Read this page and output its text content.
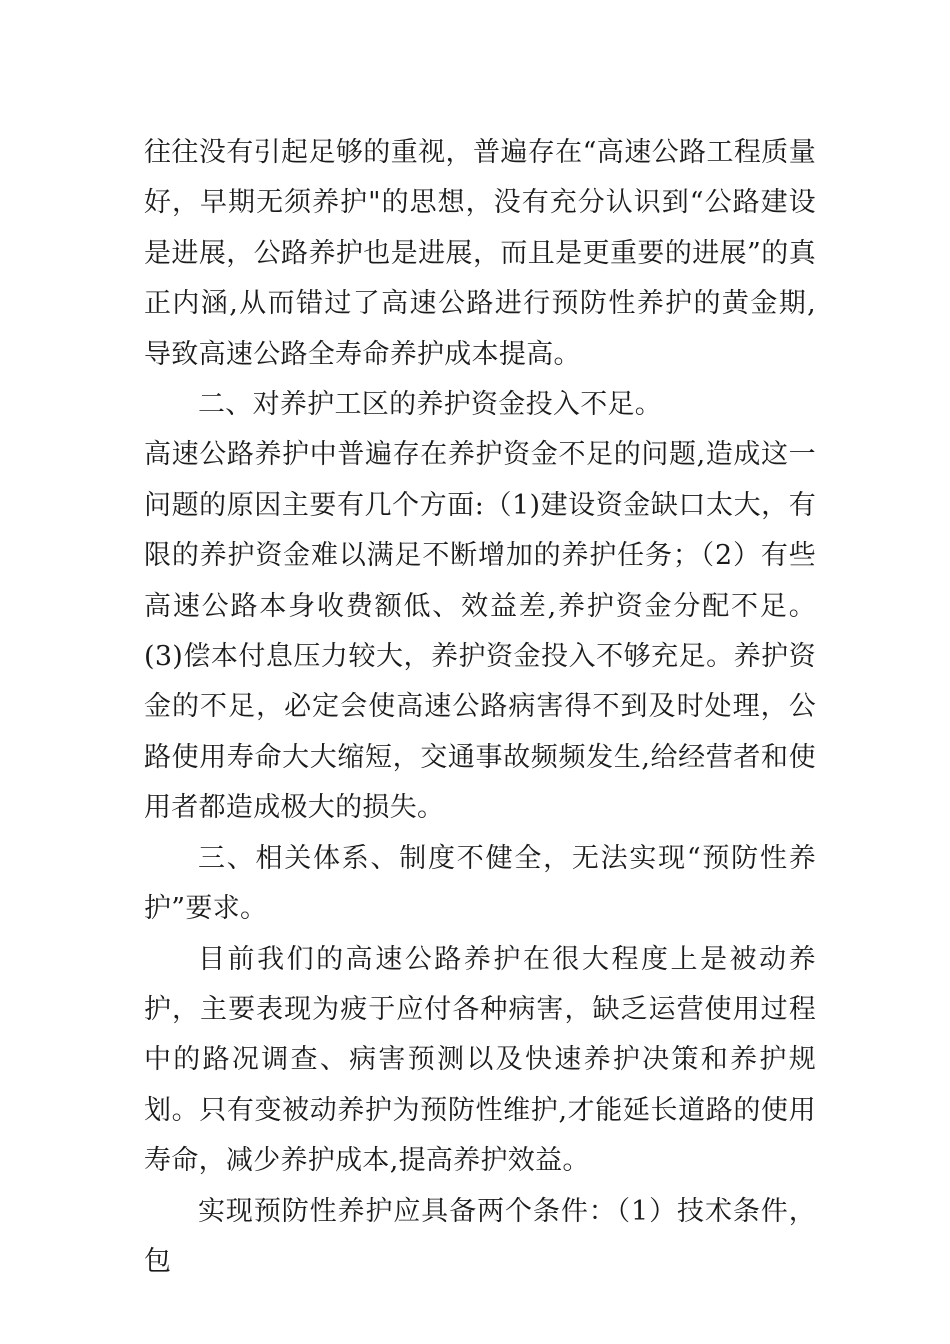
往往没有引起足够的重视，普遍存在“高速公路工程质量好，早期无须养护"的思想，没有充分认识到“公路建设是进展，公路养护也是进展，而且是更重要的进展”的真正内涵,从而错过了高速公路进行预防性养护的黄金期,导致高速公路全寿命养护成本提高。

二、对养护工区的养护资金投入不足。

高速公路养护中普遍存在养护资金不足的问题,造成这一问题的原因主要有几个方面:（1)建设资金缺口太大，有限的养护资金难以满足不断增加的养护任务；（2）有些高速公路本身收费额低、效益差,养护资金分配不足。(3)偿本付息压力较大，养护资金投入不够充足。养护资金的不足，必定会使高速公路病害得不到及时处理，公路使用寿命大大缩短，交通事故频频发生,给经营者和使用者都造成极大的损失。

三、相关体系、制度不健全，无法实现“预防性养护”要求。

目前我们的高速公路养护在很大程度上是被动养护，主要表现为疲于应付各种病害，缺乏运营使用过程中的路况调查、病害预测以及快速养护决策和养护规划。只有变被动养护为预防性维护,才能延长道路的使用寿命，减少养护成本,提高养护效益。

实现预防性养护应具备两个条件：（1）技术条件，包
